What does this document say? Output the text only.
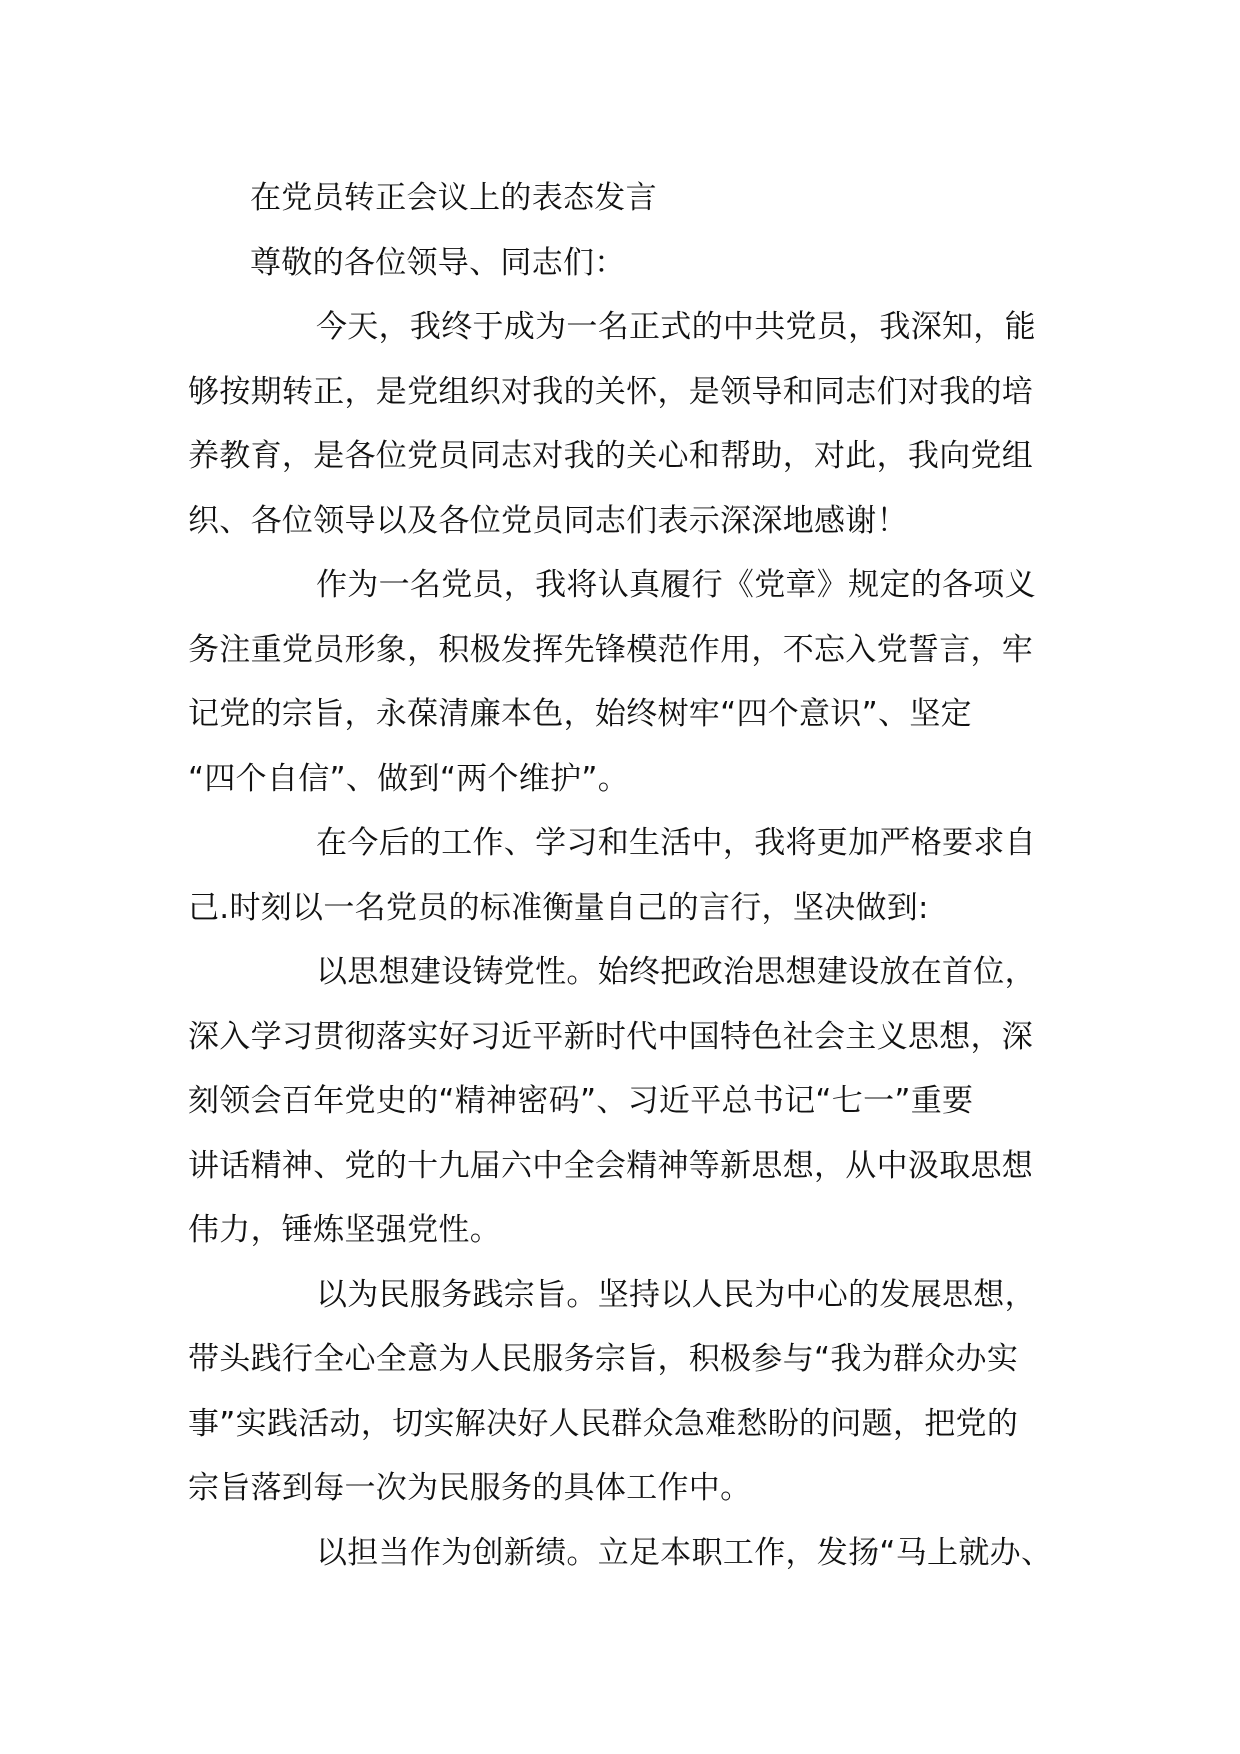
在党员转正会议上的表态发言
尊敬的各位领导、同志们：
今天，我终于成为一名正式的中共党员，我深知，能
够按期转正，是党组织对我的关怀，是领导和同志们对我的培
养教育，是各位党员同志对我的关心和帮助，对此，我向党组
织、各位领导以及各位党员同志们表示深深地感谢！
作为一名党员，我将认真履行《党章》规定的各项义
务注重党员形象，积极发挥先锋模范作用，不忘入党誓言，牢
记党的宗旨，永葆清廉本色，始终树牢“四个意识”、坚定
“四个自信”、做到“两个维护”。
在今后的工作、学习和生活中，我将更加严格要求自
己.时刻以一名党员的标准衡量自己的言行，坚决做到:
以思想建设铸党性。始终把政治思想建设放在首位，
深入学习贯彻落实好习近平新时代中国特色社会主义思想，深
刻领会百年党史的“精神密码”、习近平总书记“七一”重要
讲话精神、党的十九届六中全会精神等新思想，从中汲取思想
伟力，锤炼坚强党性。
以为民服务践宗旨。坚持以人民为中心的发展思想，
带头践行全心全意为人民服务宗旨，积极参与“我为群众办实
事”实践活动，切实解决好人民群众急难愁盼的问题，把党的
宗旨落到每一次为民服务的具体工作中。
以担当作为创新绩。立足本职工作，发扬“马上就办、
